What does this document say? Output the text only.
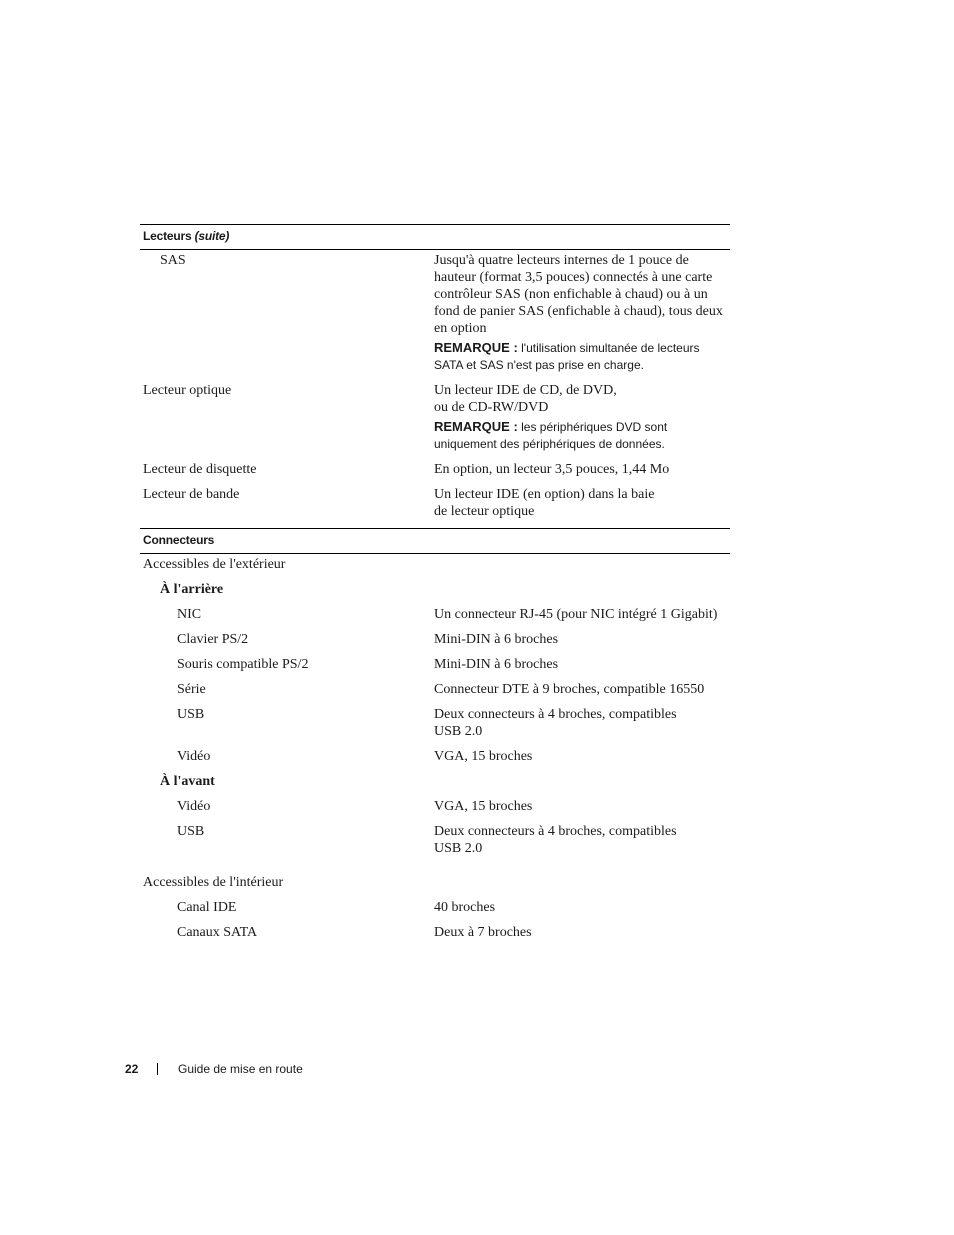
Lecteurs (suite)
SAS	Jusqu'à quatre lecteurs internes de 1 pouce de hauteur (format 3,5 pouces) connectés à une carte contrôleur SAS (non enfichable à chaud) ou à un fond de panier SAS (enfichable à chaud), tous deux en option
REMARQUE : l'utilisation simultanée de lecteurs SATA et SAS n'est pas prise en charge.
Lecteur optique	Un lecteur IDE de CD, de DVD,
ou de CD-RW/DVD
REMARQUE : les périphériques DVD sont uniquement des périphériques de données.
Lecteur de disquette	En option, un lecteur 3,5 pouces, 1,44 Mo
Lecteur de bande	Un lecteur IDE (en option) dans la baie
de lecteur optique
Connecteurs
Accessibles de l'extérieur
À l'arrière
NIC	Un connecteur RJ-45 (pour NIC intégré 1 Gigabit)
Clavier PS/2	Mini-DIN à 6 broches
Souris compatible PS/2	Mini-DIN à 6 broches
Série	Connecteur DTE à 9 broches, compatible 16550
USB	Deux connecteurs à 4 broches, compatibles
USB 2.0
Vidéo	VGA, 15 broches
À l'avant
Vidéo	VGA, 15 broches
USB	Deux connecteurs à 4 broches, compatibles
USB 2.0
Accessibles de l'intérieur
Canal IDE	40 broches
Canaux SATA	Deux à 7 broches
22	Guide de mise en route
